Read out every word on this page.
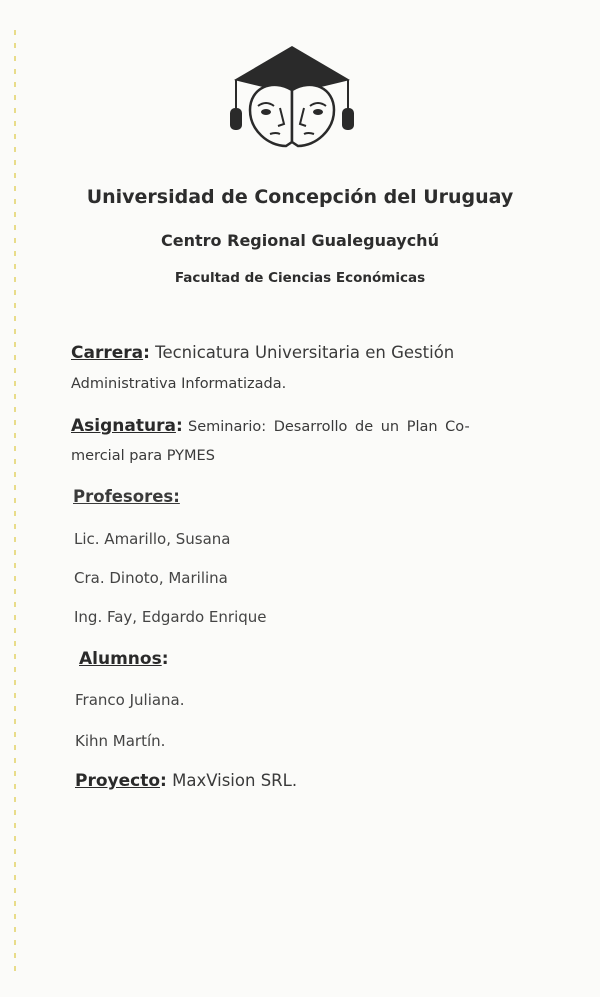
Universidad de Concepción del Uruguay
Centro Regional Gualeguaychú
Facultad de Ciencias Económicas
Carrera: Tecnicatura Universitaria en Gestión
Administrativa Informatizada.
Asignatura: Seminario: Desarrollo de un Plan Co-
mercial para PYMES
Profesores:
Lic. Amarillo, Susana
Cra. Dinoto, Marilina
Ing. Fay, Edgardo Enrique
Alumnos:
Franco Juliana.
Kihn Martín.
Proyecto: MaxVision SRL.
